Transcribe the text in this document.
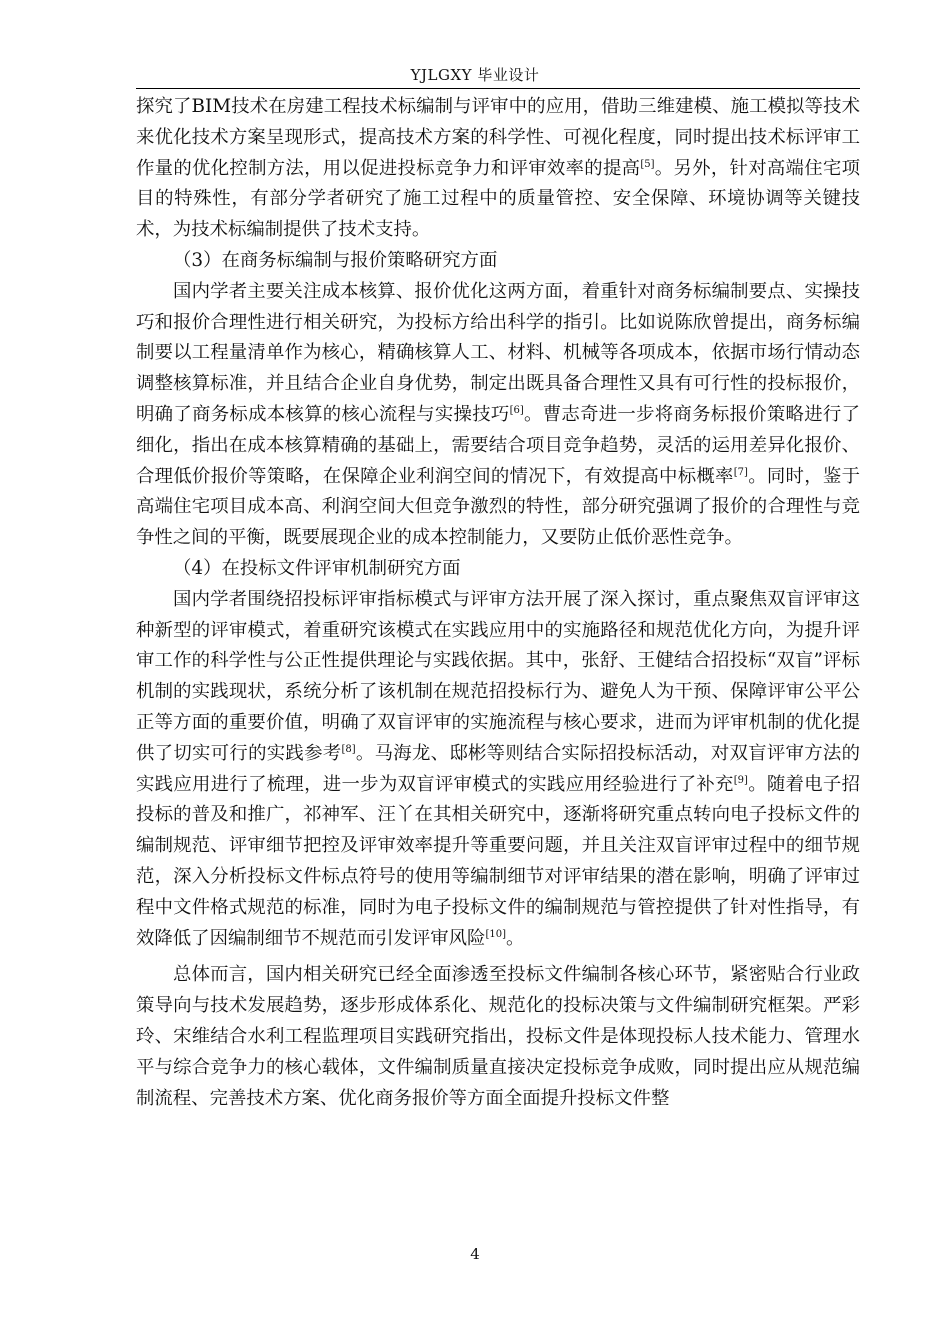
YJLGXY 毕业设计

探究了BIM技术在房建工程技术标编制与评审中的应用，借助三维建模、施工模拟等技术来优化技术方案呈现形式，提高技术方案的科学性、可视化程度，同时提出技术标评审工作量的优化控制方法，用以促进投标竞争力和评审效率的提高[5]。另外，针对高端住宅项目的特殊性，有部分学者研究了施工过程中的质量管控、安全保障、环境协调等关键技术，为技术标编制提供了技术支持。

（3）在商务标编制与报价策略研究方面

国内学者主要关注成本核算、报价优化这两方面，着重针对商务标编制要点、实操技巧和报价合理性进行相关研究，为投标方给出科学的指引。比如说陈欣曾提出，商务标编制要以工程量清单作为核心，精确核算人工、材料、机械等各项成本，依据市场行情动态调整核算标准，并且结合企业自身优势，制定出既具备合理性又具有可行性的投标报价，明确了商务标成本核算的核心流程与实操技巧[6]。曹志奇进一步将商务标报价策略进行了细化，指出在成本核算精确的基础上，需要结合项目竞争趋势，灵活的运用差异化报价、合理低价报价等策略，在保障企业利润空间的情况下，有效提高中标概率[7]。同时，鉴于高端住宅项目成本高、利润空间大但竞争激烈的特性，部分研究强调了报价的合理性与竞争性之间的平衡，既要展现企业的成本控制能力，又要防止低价恶性竞争。

（4）在投标文件评审机制研究方面

国内学者围绕招投标评审指标模式与评审方法开展了深入探讨，重点聚焦双盲评审这种新型的评审模式，着重研究该模式在实践应用中的实施路径和规范优化方向，为提升评审工作的科学性与公正性提供理论与实践依据。其中，张舒、王健结合招投标“双盲”评标机制的实践现状，系统分析了该机制在规范招投标行为、避免人为干预、保障评审公平公正等方面的重要价值，明确了双盲评审的实施流程与核心要求，进而为评审机制的优化提供了切实可行的实践参考[8]。马海龙、邸彬等则结合实际招投标活动，对双盲评审方法的实践应用进行了梳理，进一步为双盲评审模式的实践应用经验进行了补充[9]。随着电子招投标的普及和推广，祁神军、汪丫在其相关研究中，逐渐将研究重点转向电子投标文件的编制规范、评审细节把控及评审效率提升等重要问题，并且关注双盲评审过程中的细节规范，深入分析投标文件标点符号的使用等编制细节对评审结果的潜在影响，明确了评审过程中文件格式规范的标准，同时为电子投标文件的编制规范与管控提供了针对性指导，有效降低了因编制细节不规范而引发评审风险[10]。

总体而言，国内相关研究已经全面渗透至投标文件编制各核心环节，紧密贴合行业政策导向与技术发展趋势，逐步形成体系化、规范化的投标决策与文件编制研究框架。严彩玲、宋维结合水利工程监理项目实践研究指出，投标文件是体现投标人技术能力、管理水平与综合竞争力的核心载体，文件编制质量直接决定投标竞争成败，同时提出应从规范编制流程、完善技术方案、优化商务报价等方面全面提升投标文件整

4
